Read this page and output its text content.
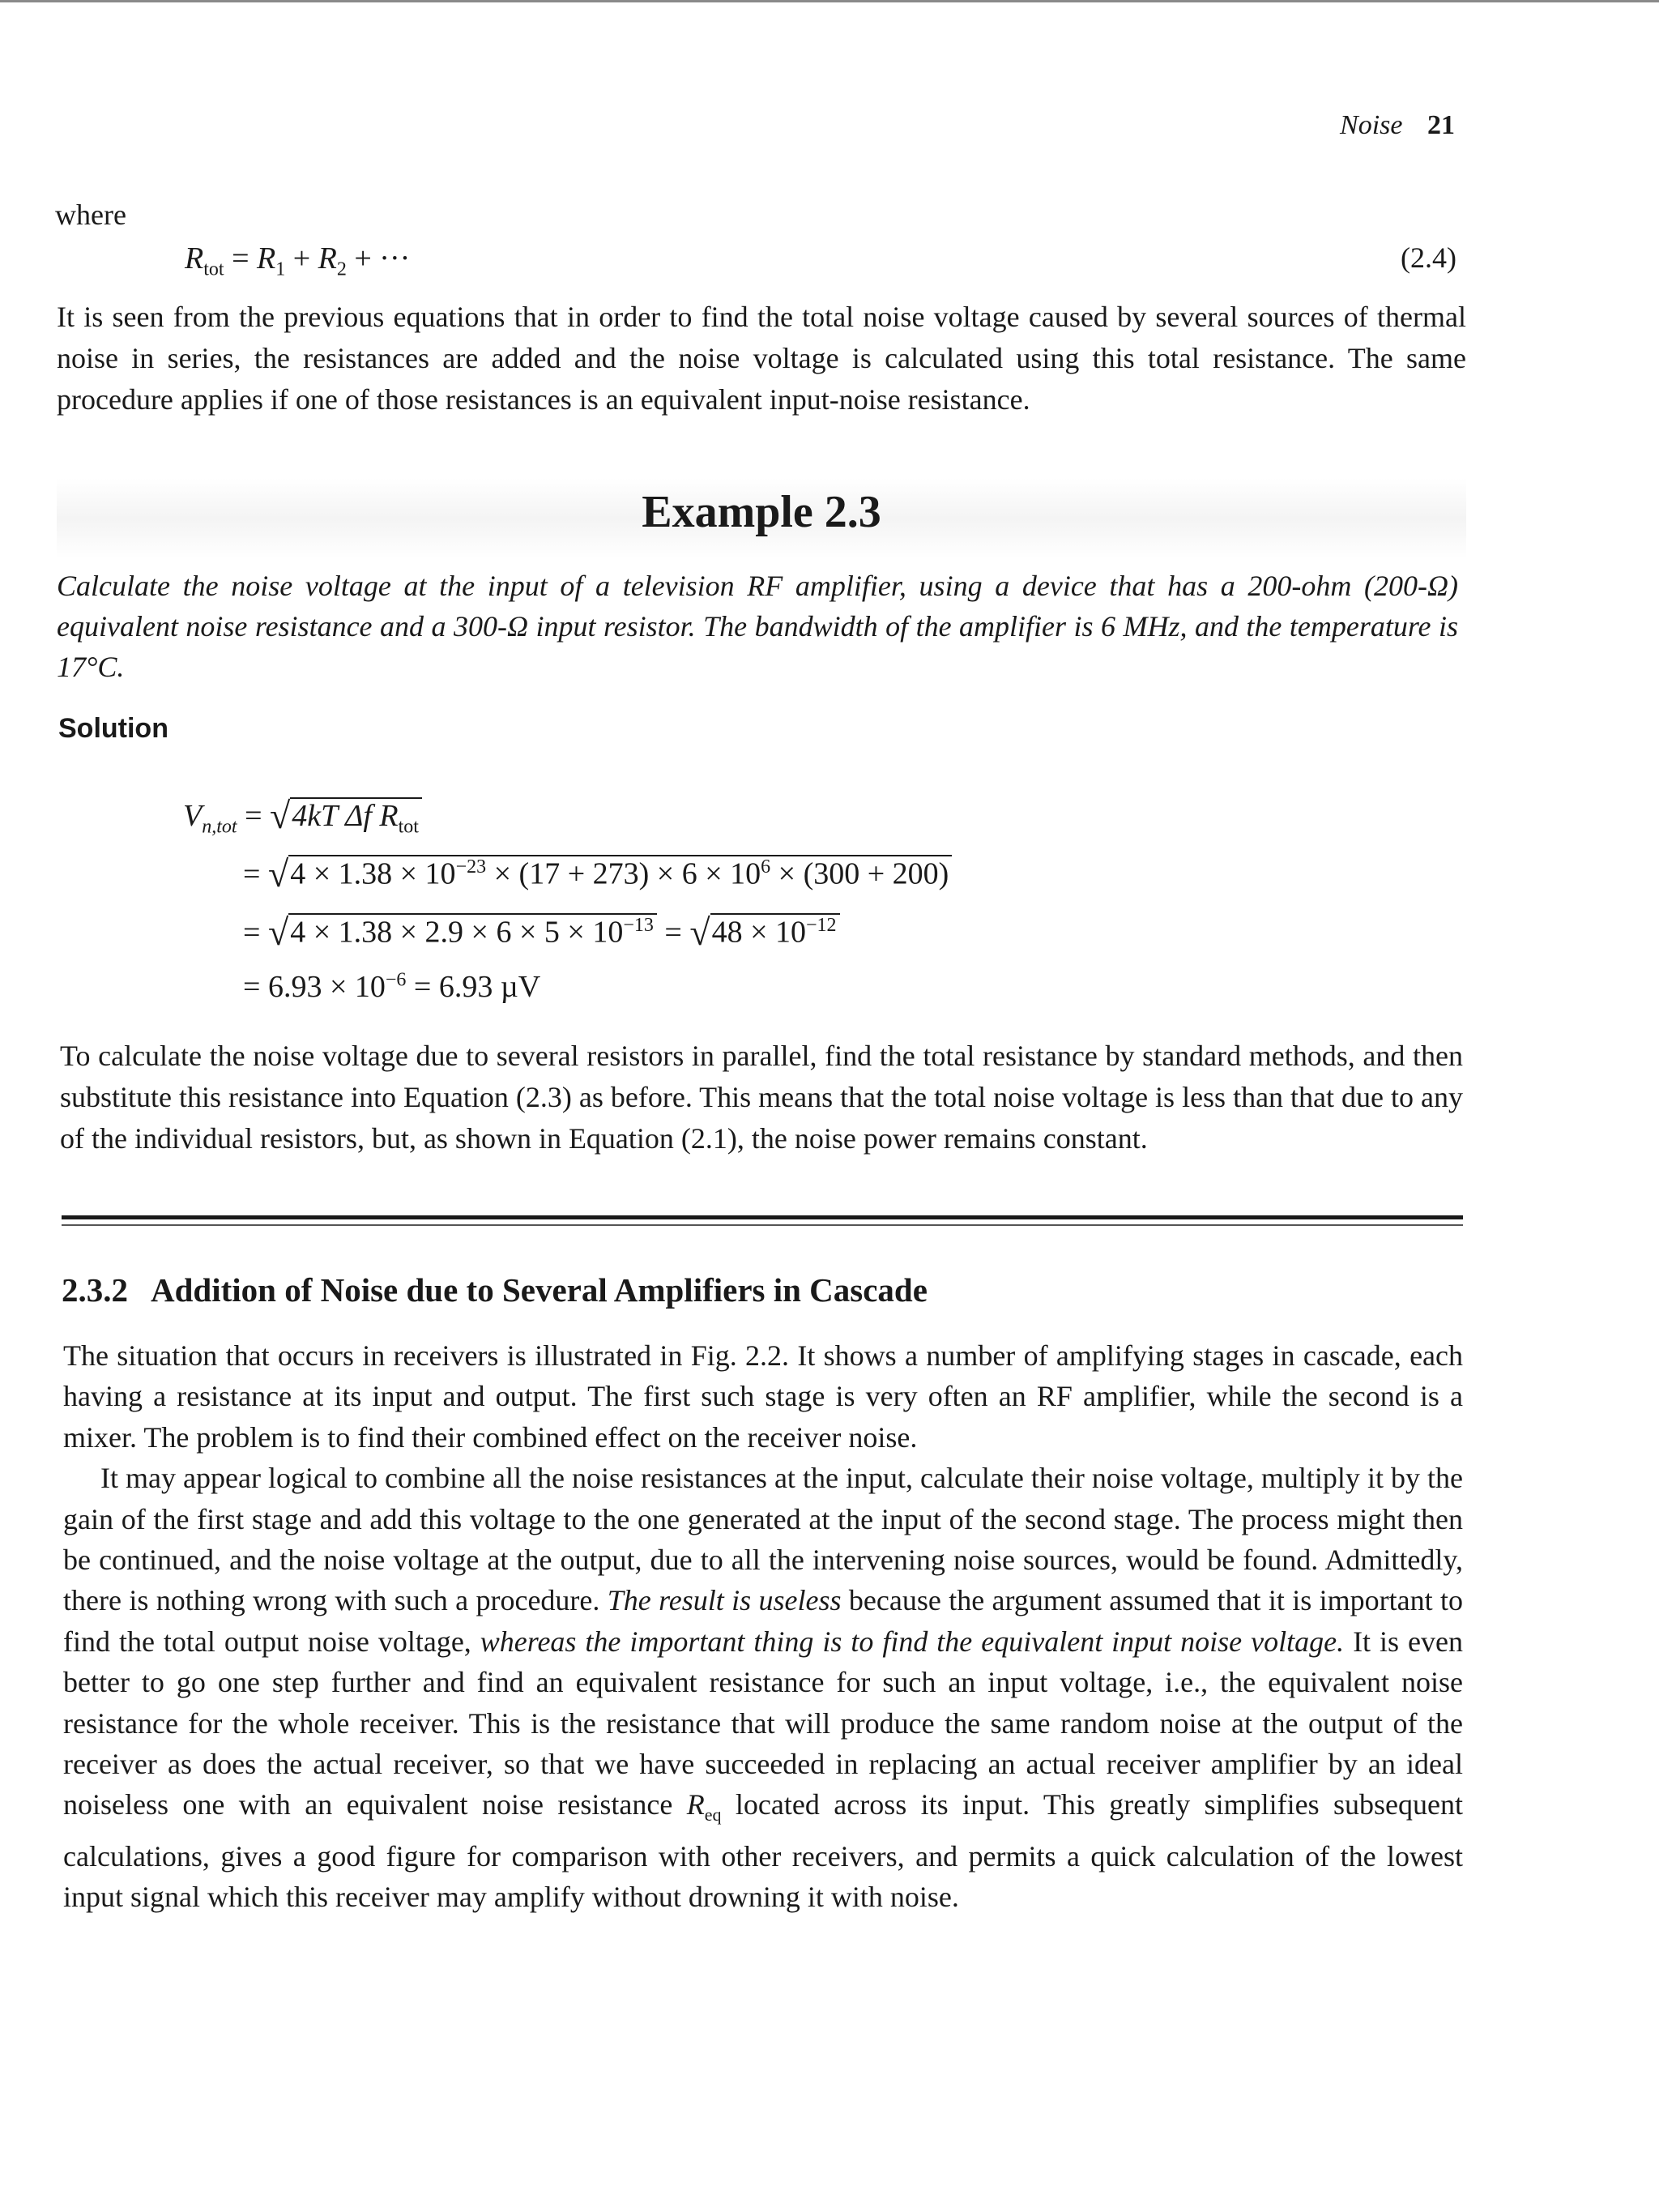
Noise 21
where
$R_{tot} = R_1 + R_2$ + ···	(2.4)

It is seen from the previous equations that in order to find the total noise voltage caused by several sources of thermal noise in series, the resistances are added and the noise voltage is calculated using this total resistance. The same procedure applies if one of those resistances is an equivalent input-noise resistance.

Example 2.3

Calculate the noise voltage at the input of a television RF amplifier, using a device that has a 200-ohm (200-Ω) equivalent noise resistance and a 300-Ω input resistor. The bandwidth of the amplifier is 6 MHz, and the temperature is 17°C.

Solution
$V_{n,tot} = √4kT$ Δf $R_{tot}$
= $√4 \times 1.38 \times 10^{-23} \times (17 + 273) \times 6 \times 10^6 \times (300 + 200)$
= $√4 \times 1.38 \times 2.9 \times 6 \times 5 \times 10^{-13} = √48 \times 10^{-12}$
= $6.93 \times 10^{-6} = 6.93$ µV

To calculate the noise voltage due to several resistors in parallel, find the total resistance by standard methods, and then substitute this resistance into Equation (2.3) as before. This means that the total noise voltage is less than that due to any of the individual resistors, but, as shown in Equation (2.1), the noise power remains constant.

2.3.2 Addition of Noise due to Several Amplifiers in Cascade

The situation that occurs in receivers is illustrated in Fig. 2.2. It shows a number of amplifying stages in cascade, each having a resistance at its input and output. The first such stage is very often an RF amplifier, while the second is a mixer. The problem is to find their combined effect on the receiver noise.

It may appear logical to combine all the noise resistances at the input, calculate their noise voltage, multiply it by the gain of the first stage and add this voltage to the one generated at the input of the second stage. The process might then be continued, and the noise voltage at the output, due to all the intervening noise sources, would be found. Admittedly, there is nothing wrong with such a procedure. The result is useless because the argument assumed that it is important to find the total output noise voltage, whereas the important thing is to find the equivalent input noise voltage. It is even better to go one step further and find an equivalent resistance for such an input voltage, i.e., the equivalent noise resistance for the whole receiver. This is the resistance that will produce the same random noise at the output of the receiver as does the actual receiver, so that we have succeeded in replacing an actual receiver amplifier by an ideal noiseless one with an equivalent noise resistance $R_{eq}$ located across its input. This greatly simplifies subsequent calculations, gives a good figure for comparison with other receivers, and permits a quick calculation of the lowest input signal which this receiver may amplify without drowning it with noise.
